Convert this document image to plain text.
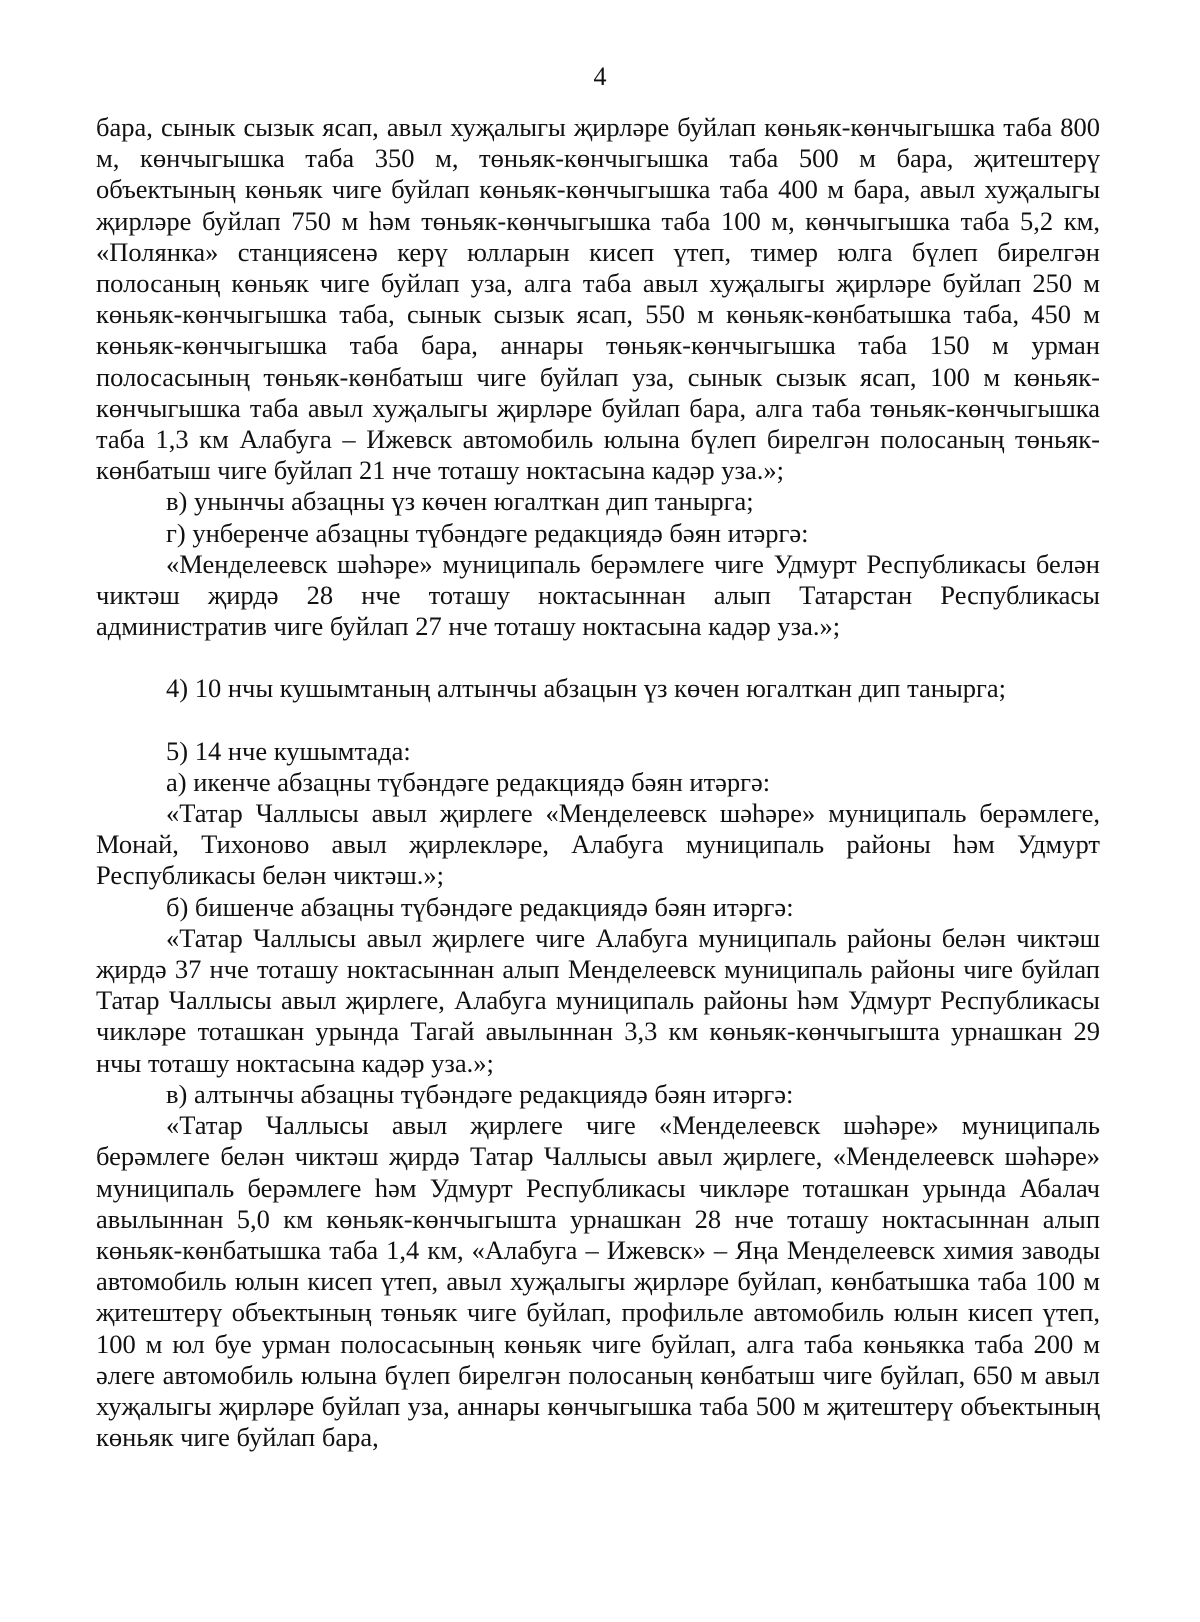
4

бара, сынык сызык ясап, авыл хуҗалыгы җирләре буйлап көньяк-көнчыгышка таба 800 м, көнчыгышка таба 350 м, төньяк-көнчыгышка таба 500 м бара, җитештерү объектының көньяк чиге буйлап көньяк-көнчыгышка таба 400 м бара, авыл хуҗалыгы җирләре буйлап 750 м һәм төньяк-көнчыгышка таба 100 м, көнчыгышка таба 5,2 км, «Полянка» станциясенә керү юлларын кисеп үтеп, тимер юлга бүлеп бирелгән полосаның көньяк чиге буйлап уза, алга таба авыл хуҗалыгы җирләре буйлап 250 м көньяк-көнчыгышка таба, сынык сызык ясап, 550 м көньяк-көнбатышка таба, 450 м көньяк-көнчыгышка таба бара, аннары төньяк-көнчыгышка таба 150 м урман полосасының төньяк-көнбатыш чиге буйлап уза, сынык сызык ясап, 100 м көньяк-көнчыгышка таба авыл хуҗалыгы җирләре буйлап бара, алга таба төньяк-көнчыгышка таба 1,3 км Алабуга – Ижевск автомобиль юлына бүлеп бирелгән полосаның төньяк-көнбатыш чиге буйлап 21 нче тоташу ноктасына кадәр уза.»;

в) унынчы абзацны үз көчен югалткан дип танырга;

г) унберенче абзацны түбәндәге редакциядә бәян итәргә:

«Менделеевск шәһәре» муниципаль берәмлеге чиге Удмурт Республикасы белән чиктәш җирдә 28 нче тоташу ноктасыннан алып Татарстан Республикасы административ чиге буйлап 27 нче тоташу ноктасына кадәр уза.»;

4) 10 нчы кушымтаның алтынчы абзацын үз көчен югалткан дип танырга;

5) 14 нче кушымтада:

а) икенче абзацны түбәндәге редакциядә бәян итәргә:

«Татар Чаллысы авыл җирлеге «Менделеевск шәһәре» муниципаль берәмлеге, Монай, Тихоново авыл җирлекләре, Алабуга муниципаль районы һәм Удмурт Республикасы белән чиктәш.»;

б) бишенче абзацны түбәндәге редакциядә бәян итәргә:

«Татар Чаллысы авыл җирлеге чиге Алабуга муниципаль районы белән чиктәш җирдә 37 нче тоташу ноктасыннан алып Менделеевск муниципаль районы чиге буйлап Татар Чаллысы авыл җирлеге, Алабуга муниципаль районы һәм Удмурт Республикасы чикләре тоташкан урында Тагай авылыннан 3,3 км көньяк-көнчыгышта урнашкан 29 нчы тоташу ноктасына кадәр уза.»;

в) алтынчы абзацны түбәндәге редакциядә бәян итәргә:

«Татар Чаллысы авыл җирлеге чиге «Менделеевск шәһәре» муниципаль берәмлеге белән чиктәш җирдә Татар Чаллысы авыл җирлеге, «Менделеевск шәһәре» муниципаль берәмлеге һәм Удмурт Республикасы чикләре тоташкан урында Абалач авылыннан 5,0 км көньяк-көнчыгышта урнашкан 28 нче тоташу ноктасыннан алып көньяк-көнбатышка таба 1,4 км, «Алабуга – Ижевск» – Яңа Менделеевск химия заводы автомобиль юлын кисеп үтеп, авыл хуҗалыгы җирләре буйлап, көнбатышка таба 100 м җитештерү объектының төньяк чиге буйлап, профильле автомобиль юлын кисеп үтеп, 100 м юл буе урман полосасының көньяк чиге буйлап, алга таба көньякка таба 200 м әлеге автомобиль юлына бүлеп бирелгән полосаның көнбатыш чиге буйлап, 650 м авыл хуҗалыгы җирләре буйлап уза, аннары көнчыгышка таба 500 м җитештерү объектының көньяк чиге буйлап бара,
